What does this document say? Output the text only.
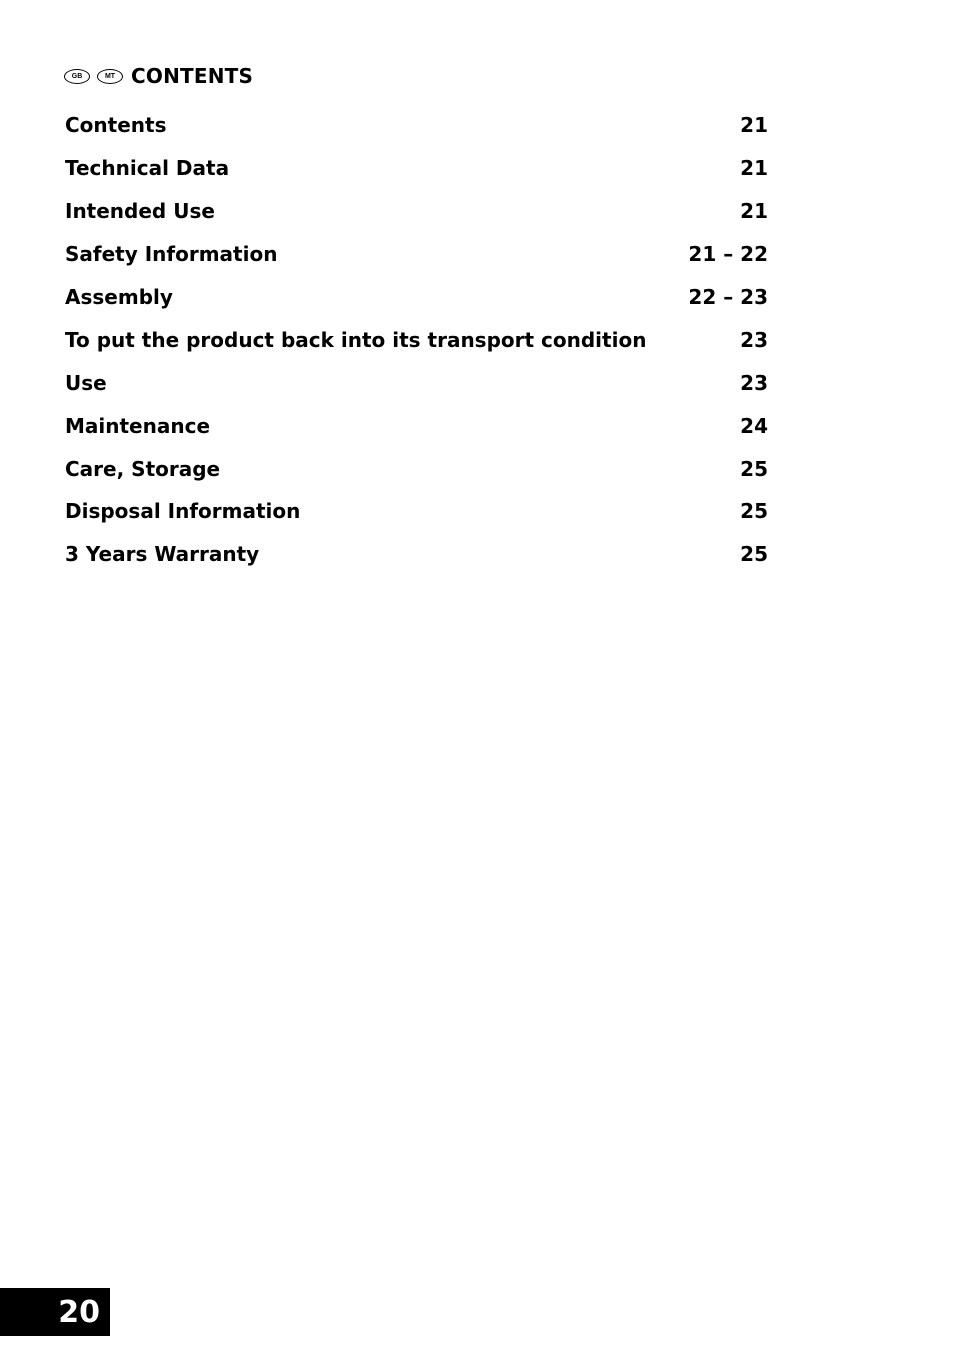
GB	MT CONTENTS
Contents	21
Technical Data	21
Intended Use	21
Safety Information	21 – 22
Assembly	22 – 23
To put the product back into its transport condition	23
Use	23
Maintenance	24
Care, Storage	25
Disposal Information	25
3 Years Warranty	25
20
